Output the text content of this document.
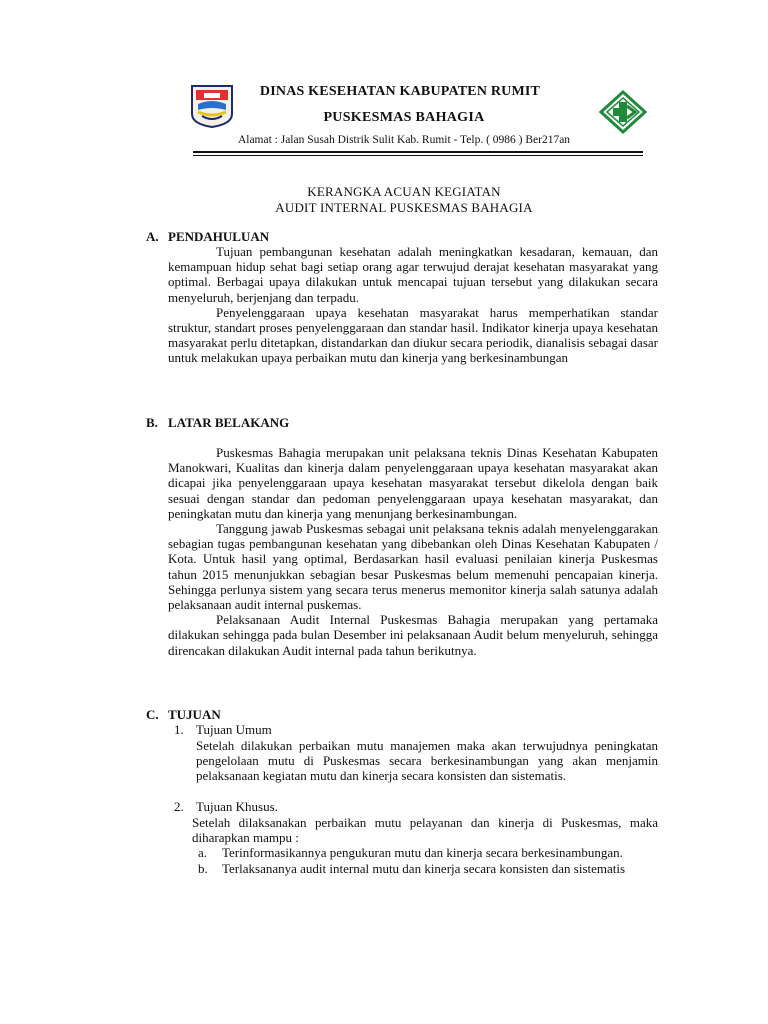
DINAS KESEHATAN KABUPATEN RUMIT
PUSKESMAS BAHAGIA
Alamat : Jalan Susah Distrik Sulit Kab. Rumit - Telp. ( 0986 ) Ber217an
KERANGKA ACUAN KEGIATAN
AUDIT INTERNAL PUSKESMAS BAHAGIA
A. PENDAHULUAN

Tujuan pembangunan kesehatan adalah meningkatkan kesadaran, kemauan, dan kemampuan hidup sehat bagi setiap orang agar terwujud derajat kesehatan masyarakat yang optimal. Berbagai upaya dilakukan untuk mencapai tujuan tersebut yang dilakukan secara menyeluruh, berjenjang dan terpadu.

Penyelenggaraan upaya kesehatan masyarakat harus memperhatikan standar struktur, standart proses penyelenggaraan dan standar hasil. Indikator kinerja upaya kesehatan masyarakat perlu ditetapkan, distandarkan dan diukur secara periodik, dianalisis sebagai dasar untuk melakukan upaya perbaikan mutu dan kinerja yang berkesinambungan

B. LATAR BELAKANG

Puskesmas Bahagia merupakan unit pelaksana teknis Dinas Kesehatan Kabupaten Manokwari, Kualitas dan kinerja dalam penyelenggaraan upaya kesehatan masyarakat akan dicapai jika penyelenggaraan upaya kesehatan masyarakat tersebut dikelola dengan baik sesuai dengan standar dan pedoman penyelenggaraan upaya kesehatan masyarakat, dan peningkatan mutu dan kinerja yang menunjang berkesinambungan.

Tanggung jawab Puskesmas sebagai unit pelaksana teknis adalah menyelenggarakan sebagian tugas pembangunan kesehatan yang dibebankan oleh Dinas Kesehatan Kabupaten / Kota. Untuk hasil yang optimal, Berdasarkan hasil evaluasi penilaian kinerja Puskesmas tahun 2015 menunjukkan sebagian besar Puskesmas belum memenuhi pencapaian kinerja. Sehingga perlunya sistem yang secara terus menerus memonitor kinerja salah satunya adalah pelaksanaan audit internal puskemas.

Pelaksanaan Audit Internal Puskesmas Bahagia merupakan yang pertamaka dilakukan sehingga pada bulan Desember ini pelaksanaan Audit belum menyeluruh, sehingga direncakan dilakukan Audit internal pada tahun berikutnya.

C. TUJUAN
1. Tujuan Umum
Setelah dilakukan perbaikan mutu manajemen maka akan terwujudnya peningkatan pengelolaan mutu di Puskesmas secara berkesinambungan yang akan menjamin pelaksanaan kegiatan mutu dan kinerja secara konsisten dan sistematis.
2. Tujuan Khusus.
Setelah dilaksanakan perbaikan mutu pelayanan dan kinerja di Puskesmas, maka diharapkan mampu :
a. Terinformasikannya pengukuran mutu dan kinerja secara berkesinambungan.
b. Terlaksananya audit internal mutu dan kinerja secara konsisten dan sistematis
